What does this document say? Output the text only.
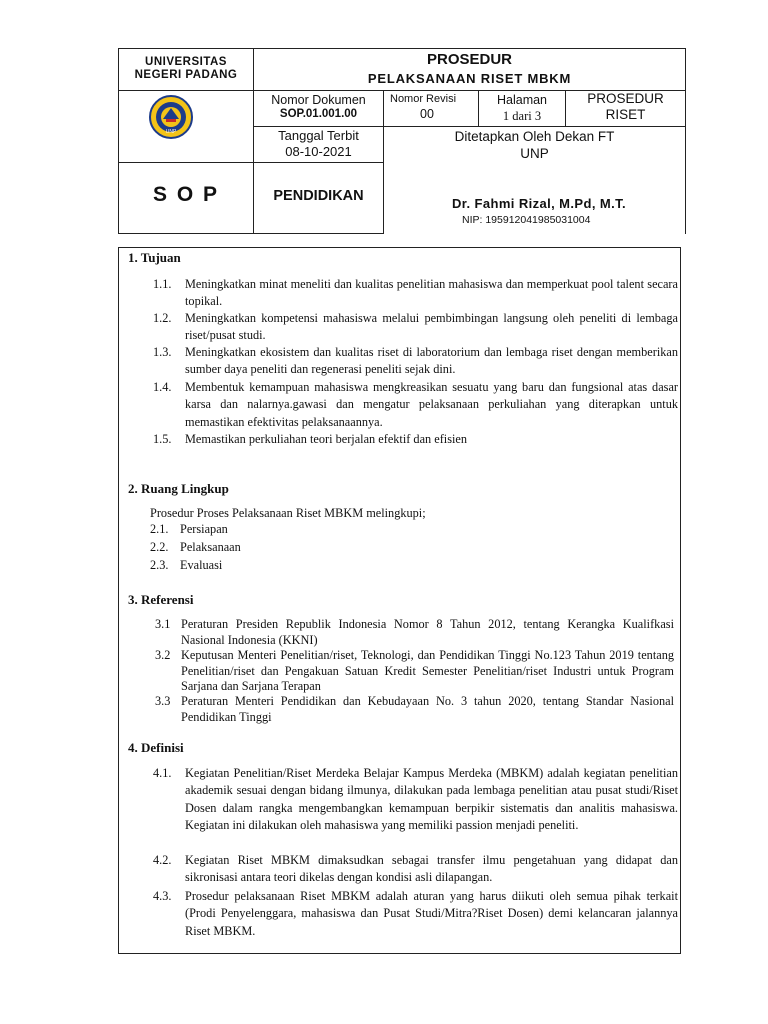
UNIVERSITAS
NEGERI PADANG
PROSEDUR
PELAKSANAAN RISET MBKM
UNP
Nomor Dokumen
SOP.01.001.00
Nomor Revisi
00
Halaman
1 dari 3
PROSEDUR
RISET
Tanggal Terbit
08-10-2021
Ditetapkan Oleh Dekan FT
UNP
S O P	PENDIDIKAN	Dr. Fahmi Rizal, M.Pd, M.T.
NIP: 195912041985031004
1. Tujuan
1.1. Meningkatkan minat meneliti dan kualitas penelitian mahasiswa dan memperkuat pool talent secara topikal.
1.2. Meningkatkan kompetensi mahasiswa melalui pembimbingan langsung oleh peneliti di lembaga riset/pusat studi.
1.3. Meningkatkan ekosistem dan kualitas riset di laboratorium dan lembaga riset dengan memberikan sumber daya peneliti dan regenerasi peneliti sejak dini.
1.4. Membentuk kemampuan mahasiswa mengkreasikan sesuatu yang baru dan fungsional atas dasar karsa dan nalarnya.gawasi dan mengatur pelaksanaan perkuliahan yang diterapkan untuk memastikan efektivitas pelaksanaannya.
1.5. Memastikan perkuliahan teori berjalan efektif dan efisien
2. Ruang Lingkup
Prosedur Proses Pelaksanaan Riset MBKM melingkupi;
2.1. Persiapan
2.2. Pelaksanaan
2.3. Evaluasi
3. Referensi
3.1 Peraturan Presiden Republik Indonesia Nomor 8 Tahun 2012, tentang Kerangka Kualifkasi Nasional Indonesia (KKNI)
3.2 Keputusan Menteri Penelitian/riset, Teknologi, dan Pendidikan Tinggi No.123 Tahun 2019 tentang Penelitian/riset dan Pengakuan Satuan Kredit Semester Penelitian/riset Industri untuk Program Sarjana dan Sarjana Terapan
3.3 Peraturan Menteri Pendidikan dan Kebudayaan No. 3 tahun 2020, tentang Standar Nasional Pendidikan Tinggi
4. Definisi
4.1. Kegiatan Penelitian/Riset Merdeka Belajar Kampus Merdeka (MBKM) adalah kegiatan penelitian akademik sesuai dengan bidang ilmunya, dilakukan pada lembaga penelitian atau pusat studi/Riset Dosen dalam rangka mengembangkan kemampuan berpikir sistematis dan analitis mahasiswa. Kegiatan ini dilakukan oleh mahasiswa yang memiliki passion menjadi peneliti.
4.2. Kegiatan Riset MBKM dimaksudkan sebagai transfer ilmu pengetahuan yang didapat dan sikronisasi antara teori dikelas dengan kondisi asli dilapangan.
4.3. Prosedur pelaksanaan Riset MBKM adalah aturan yang harus diikuti oleh semua pihak terkait (Prodi Penyelenggara, mahasiswa dan Pusat Studi/Mitra?Riset Dosen) demi kelancaran jalannya Riset MBKM.
